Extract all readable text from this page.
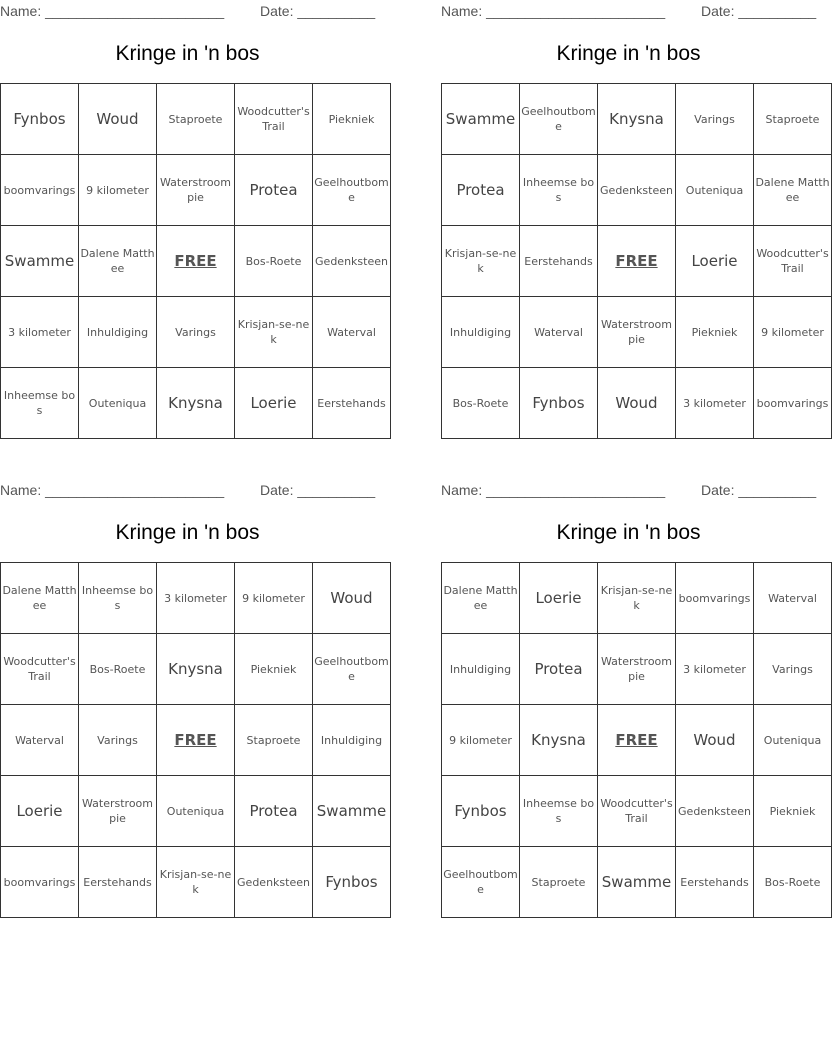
Name: _______________________	Date: __________
Kringe in 'n bos
Fynbos	Woud	Staproete	Woodcutter's Trail	Piekniek
boomvarings	9 kilometer	Waterstroompie	Protea	Geelhoutbome
Swamme	Dalene Matthee	FREE	Bos-Roete	Gedenksteen
3 kilometer	Inhuldiging	Varings	Krisjan-se-nek	Waterval
Inheemse bos	Outeniqua	Knysna	Loerie	Eerstehands
Name: _______________________	Date: __________
Kringe in 'n bos
Swamme	Geelhoutbome	Knysna	Varings	Staproete
Protea	Inheemse bos	Gedenksteen	Outeniqua	Dalene Matthee
Krisjan-se-nek	Eerstehands	FREE	Loerie	Woodcutter's Trail
Inhuldiging	Waterval	Waterstroompie	Piekniek	9 kilometer
Bos-Roete	Fynbos	Woud	3 kilometer	boomvarings
Name: _______________________	Date: __________
Kringe in 'n bos
Dalene Matthee	Inheemse bos	3 kilometer	9 kilometer	Woud
Woodcutter's Trail	Bos-Roete	Knysna	Piekniek	Geelhoutbome
Waterval	Varings	FREE	Staproete	Inhuldiging
Loerie	Waterstroompie	Outeniqua	Protea	Swamme
boomvarings	Eerstehands	Krisjan-se-nek	Gedenksteen	Fynbos
Name: _______________________	Date: __________
Kringe in 'n bos
Dalene Matthee	Loerie	Krisjan-se-nek	boomvarings	Waterval
Inhuldiging	Protea	Waterstroompie	3 kilometer	Varings
9 kilometer	Knysna	FREE	Woud	Outeniqua
Fynbos	Inheemse bos	Woodcutter's Trail	Gedenksteen	Piekniek
Geelhoutbome	Staproete	Swamme	Eerstehands	Bos-Roete
